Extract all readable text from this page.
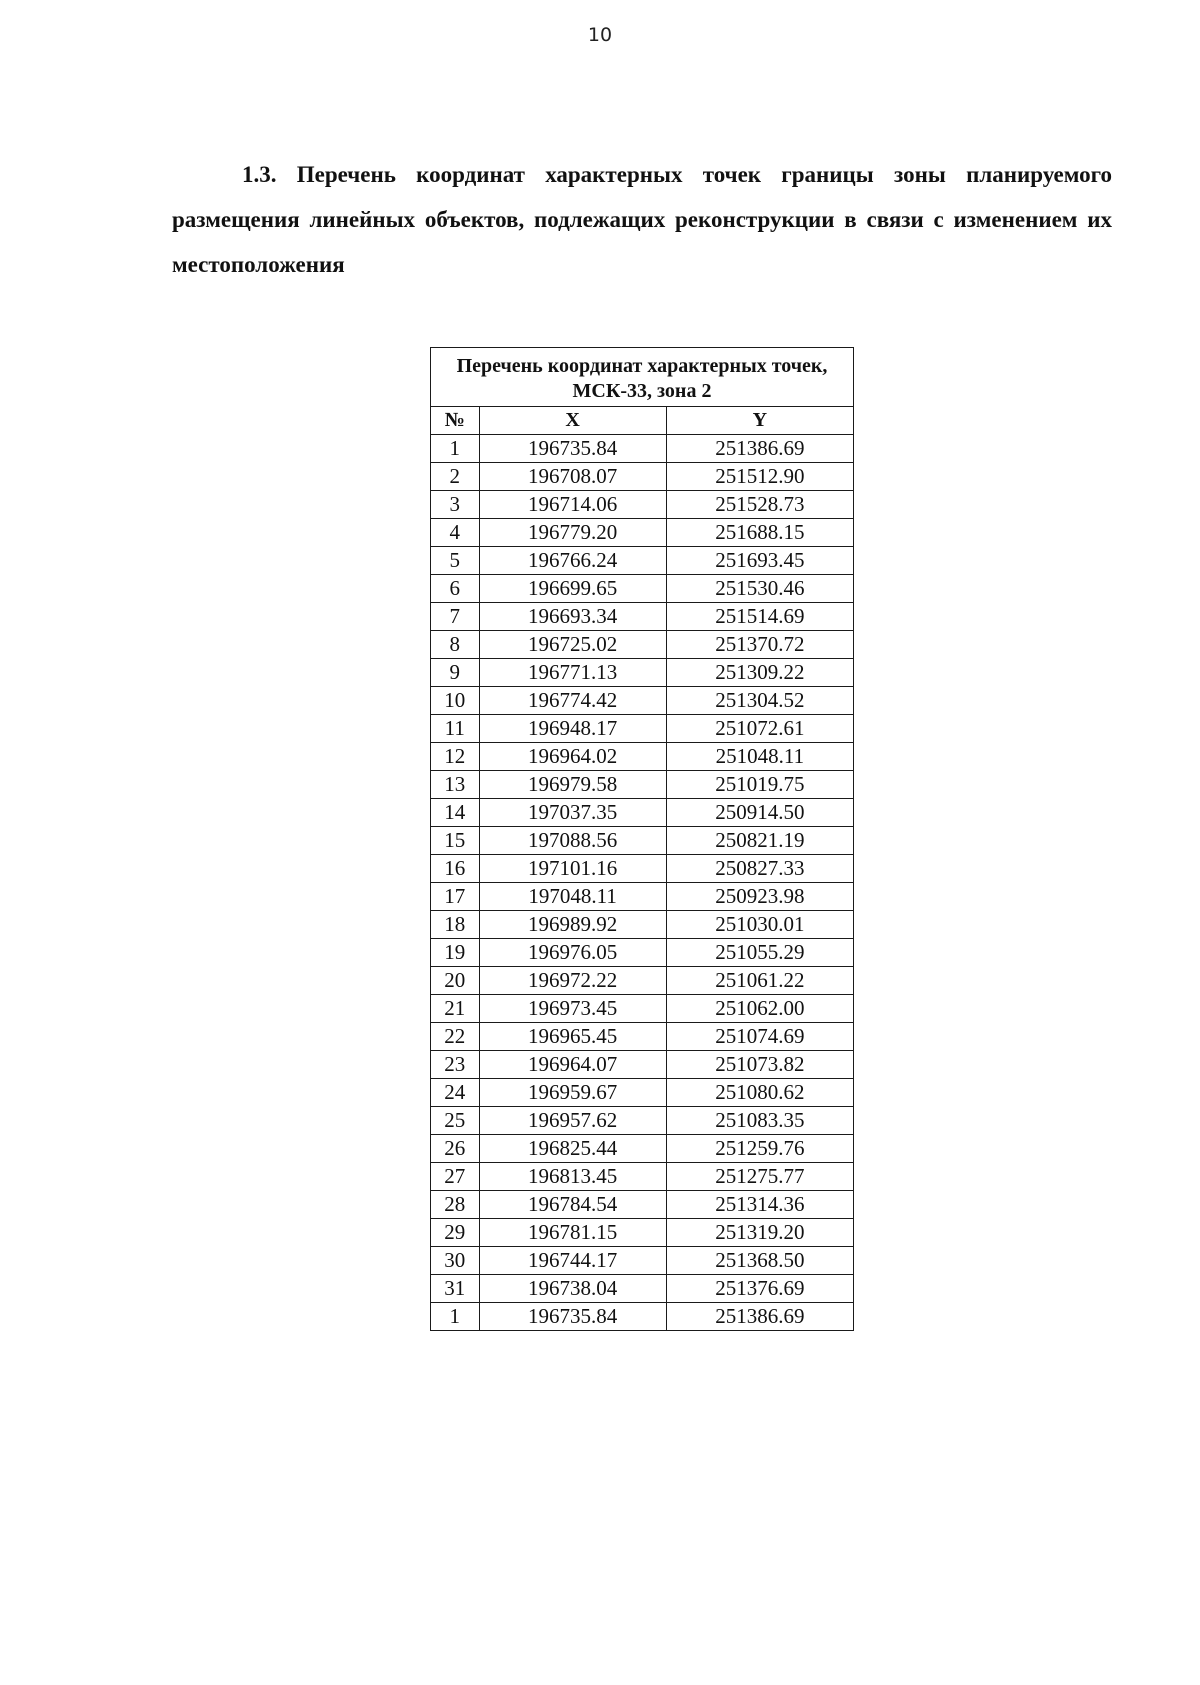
10

1.3. Перечень координат характерных точек границы зоны планируемого размещения линейных объектов, подлежащих реконструкции в связи с изменением их местоположения

Перечень координат характерных точек, МСК-33, зона 2		
№	X	Y
1	196735.84	251386.69
2	196708.07	251512.90
3	196714.06	251528.73
4	196779.20	251688.15
5	196766.24	251693.45
6	196699.65	251530.46
7	196693.34	251514.69
8	196725.02	251370.72
9	196771.13	251309.22
10	196774.42	251304.52
11	196948.17	251072.61
12	196964.02	251048.11
13	196979.58	251019.75
14	197037.35	250914.50
15	197088.56	250821.19
16	197101.16	250827.33
17	197048.11	250923.98
18	196989.92	251030.01
19	196976.05	251055.29
20	196972.22	251061.22
21	196973.45	251062.00
22	196965.45	251074.69
23	196964.07	251073.82
24	196959.67	251080.62
25	196957.62	251083.35
26	196825.44	251259.76
27	196813.45	251275.77
28	196784.54	251314.36
29	196781.15	251319.20
30	196744.17	251368.50
31	196738.04	251376.69
1	196735.84	251386.69
